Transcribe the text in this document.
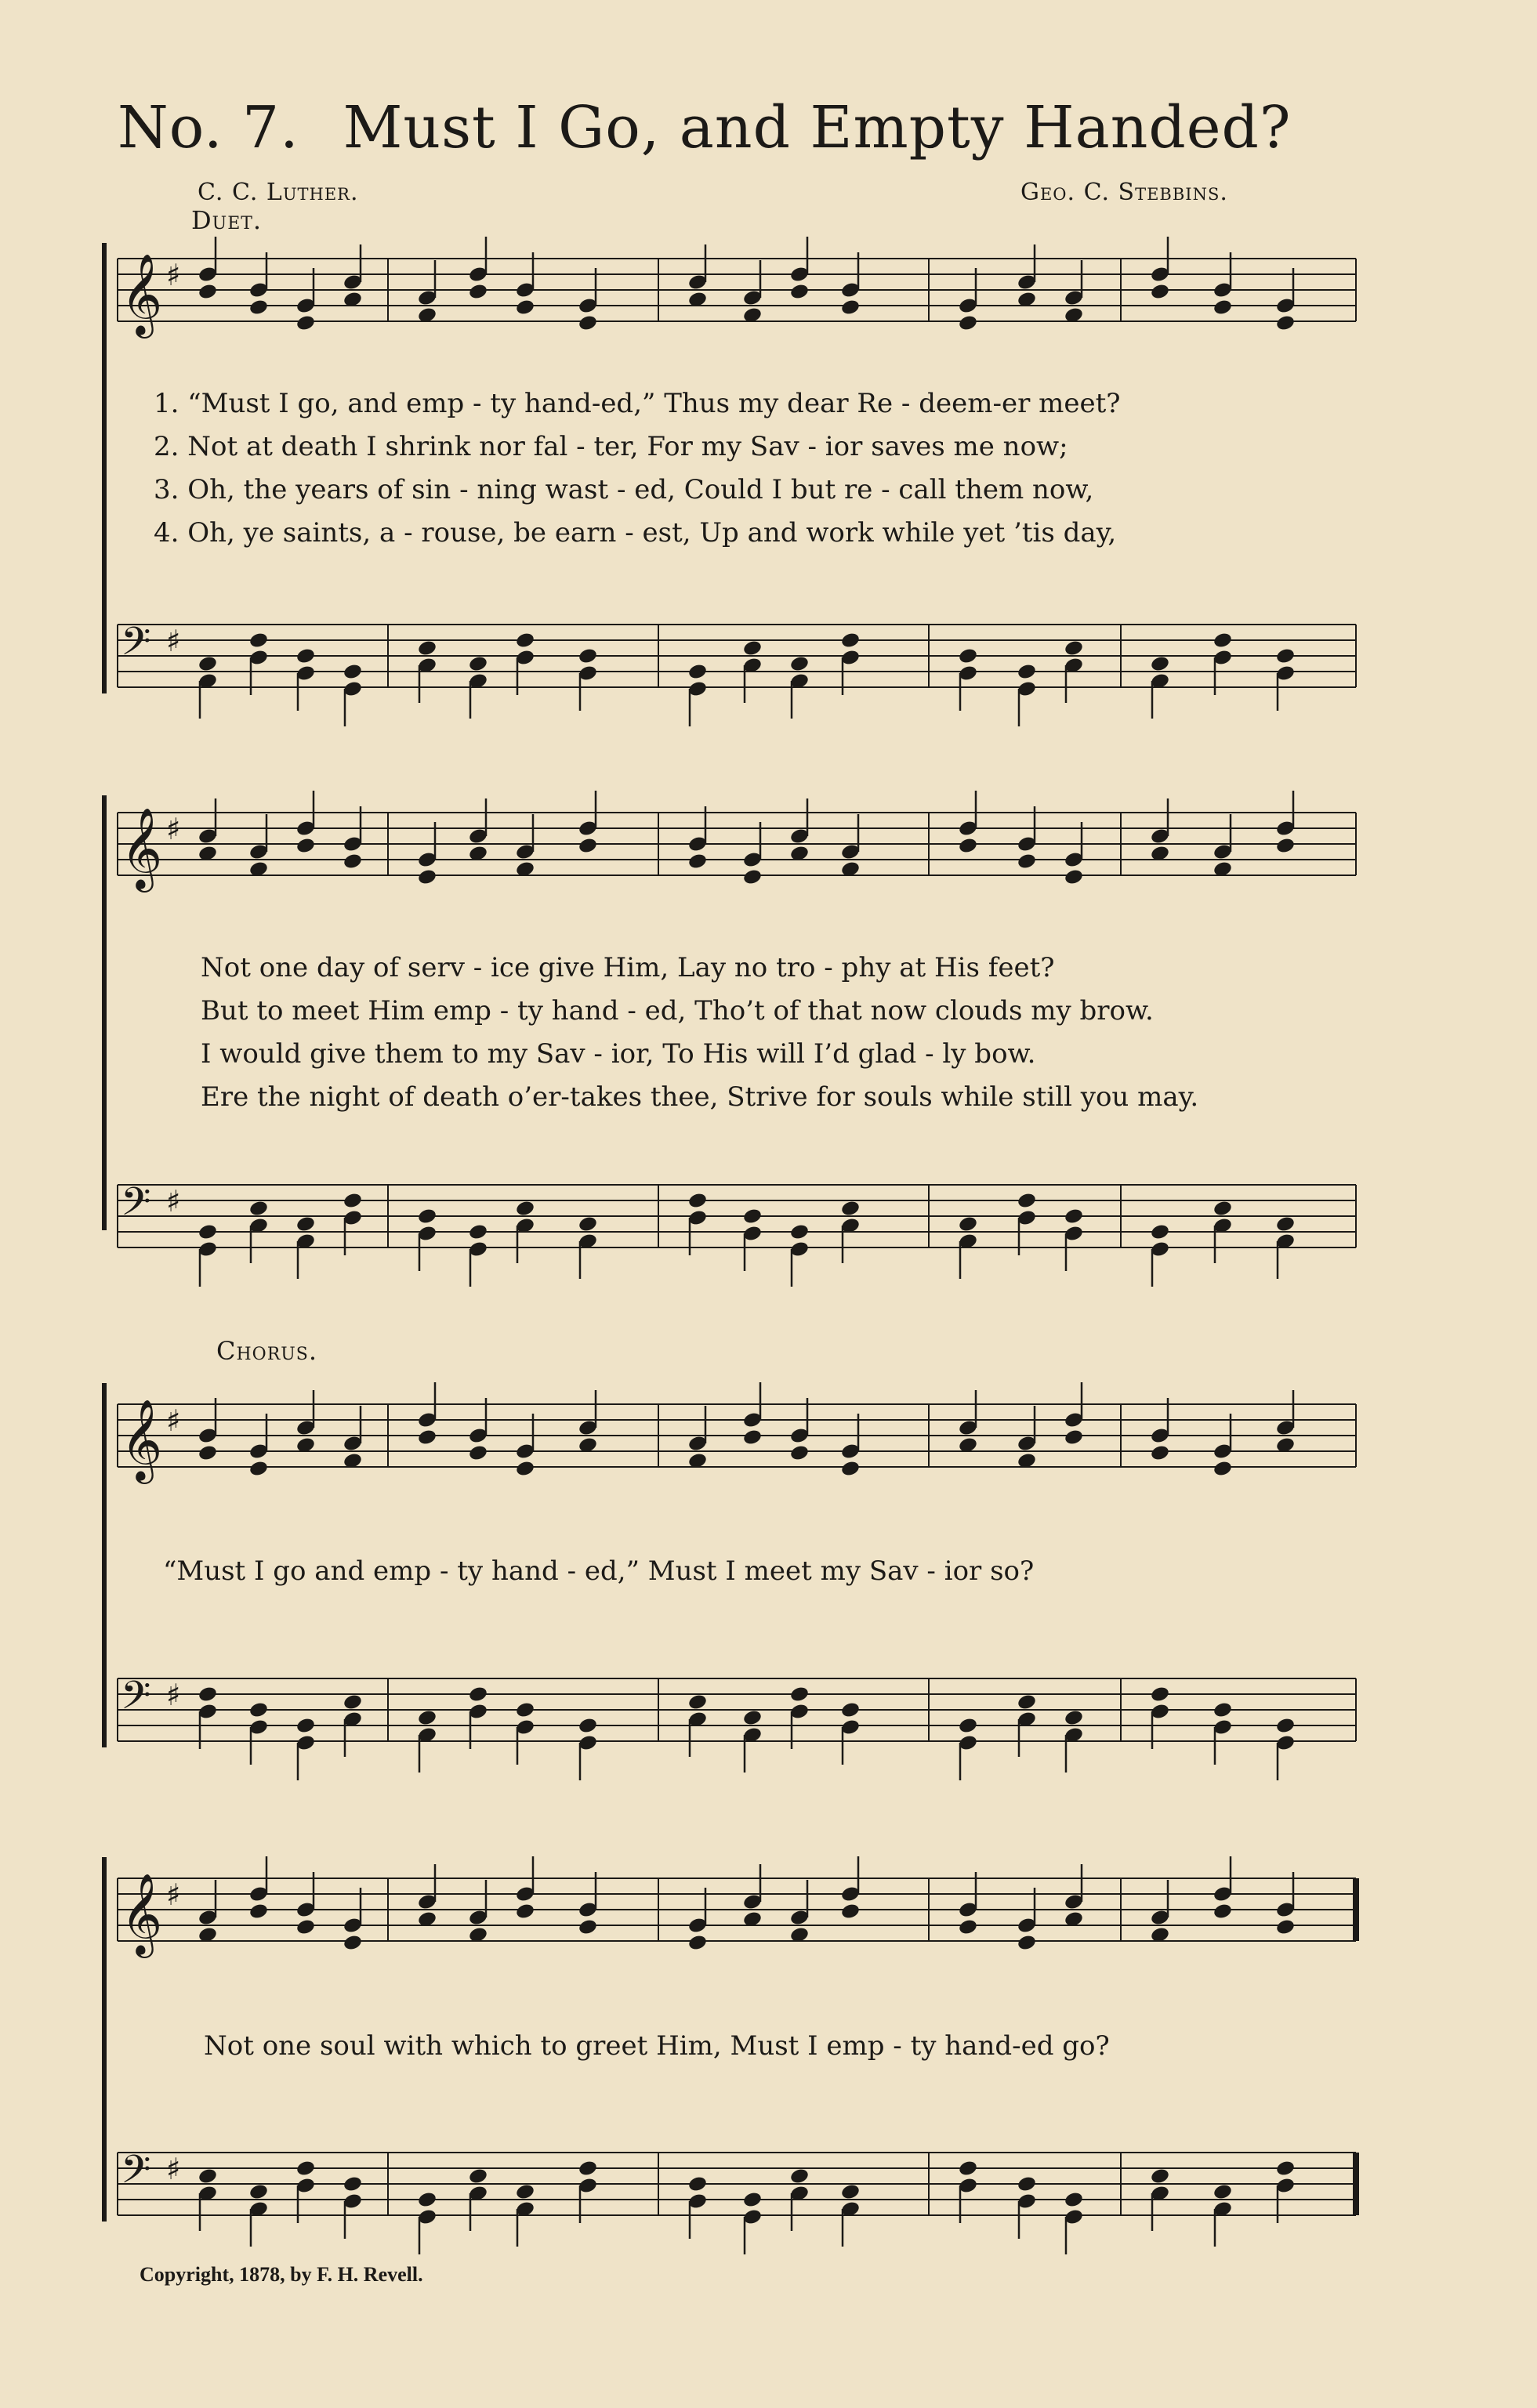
No. 7. Must I Go, and Empty Handed?
C. C. Luther.	Geo. C. Stebbins.
Duet.
Chorus.
𝄞 ♯
𝄢 ♯
𝄞 ♯
𝄢 ♯
𝄞 ♯
𝄢 ♯
𝄞 ♯
𝄢 ♯
1. “Must I go, and emp - ty hand-ed,” Thus my dear Re - deem-er meet?
2. Not at death I shrink nor fal - ter, For my Sav - ior saves me now;
3. Oh, the years of sin - ning wast - ed, Could I but re - call them now,
4. Oh, ye saints, a - rouse, be earn - est, Up and work while yet ’tis day,
Not one day of serv - ice give Him, Lay no tro - phy at His feet?
But to meet Him emp - ty hand - ed, Tho’t of that now clouds my brow.
I would give them to my Sav - ior, To His will I’d glad - ly bow.
Ere the night of death o’er-takes thee, Strive for souls while still you may.
“Must I go and emp - ty hand - ed,” Must I meet my Sav - ior so?
Not one soul with which to greet Him, Must I emp - ty hand-ed go?
Copyright, 1878, by F. H. Revell.
